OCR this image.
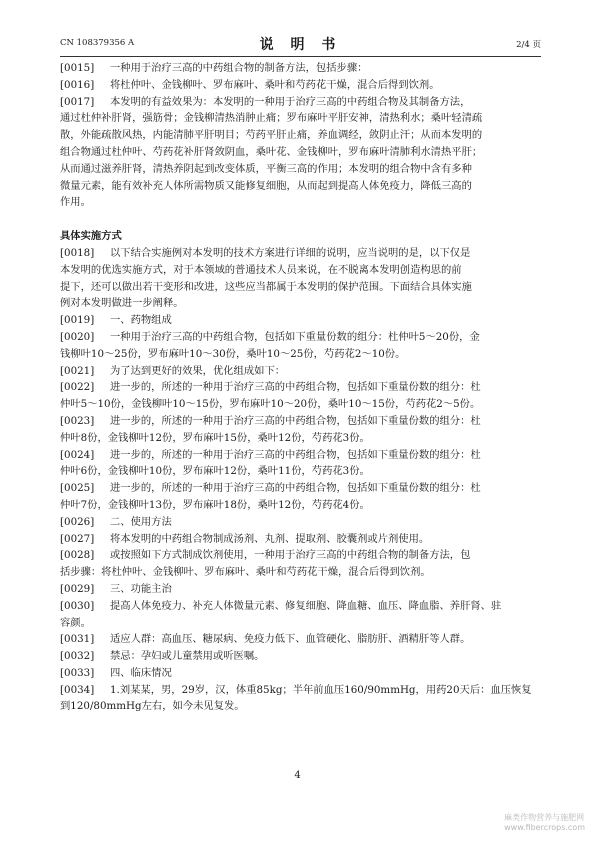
CN 108379356 A	说 明 书	2/4 页
[0015] 一种用于治疗三高的中药组合物的制备方法，包括步骤：
[0016] 将杜仲叶、金钱柳叶、罗布麻叶、桑叶和芍药花干燥，混合后得到饮剂。
[0017] 本发明的有益效果为：本发明的一种用于治疗三高的中药组合物及其制备方法，
通过杜仲补肝肾，强筋骨；金钱柳清热消肿止痛；罗布麻叶平肝安神，清热利水；桑叶轻清疏
散，外能疏散风热，内能清肺平肝明目；芍药平肝止痛，养血调经，敛阴止汗；从而本发明的
组合物通过杜仲叶、芍药花补肝肾敛阴血，桑叶花、金钱柳叶，罗布麻叶清肺利水清热平肝；
从而通过滋养肝肾，清热养阴起到改变体质，平衡三高的作用；本发明的组合物中含有多种
微量元素，能有效补充人体所需物质又能修复细胞，从而起到提高人体免疫力，降低三高的
作用。
具体实施方式
[0018] 以下结合实施例对本发明的技术方案进行详细的说明，应当说明的是，以下仅是
本发明的优选实施方式，对于本领域的普通技术人员来说，在不脱离本发明创造构思的前
提下，还可以做出若干变形和改进，这些应当都属于本发明的保护范围。下面结合具体实施
例对本发明做进一步阐释。
[0019] 一、药物组成
[0020] 一种用于治疗三高的中药组合物，包括如下重量份数的组分：杜仲叶5～20份，金
钱柳叶10～25份，罗布麻叶10～30份，桑叶10～25份，芍药花2～10份。
[0021] 为了达到更好的效果，优化组成如下：
[0022] 进一步的，所述的一种用于治疗三高的中药组合物，包括如下重量份数的组分：杜
仲叶5～10份，金钱柳叶10～15份，罗布麻叶10～20份，桑叶10～15份，芍药花2～5份。
[0023] 进一步的，所述的一种用于治疗三高的中药组合物，包括如下重量份数的组分：杜
仲叶8份，金钱柳叶12份，罗布麻叶15份，桑叶12份，芍药花3份。
[0024] 进一步的，所述的一种用于治疗三高的中药组合物，包括如下重量份数的组分：杜
仲叶6份，金钱柳叶10份，罗布麻叶12份，桑叶11份，芍药花3份。
[0025] 进一步的，所述的一种用于治疗三高的中药组合物，包括如下重量份数的组分：杜
仲叶7份，金钱柳叶13份，罗布麻叶18份，桑叶12份，芍药花4份。
[0026] 二、使用方法
[0027] 将本发明的中药组合物制成汤剂、丸剂、提取剂、胶囊剂或片剂使用。
[0028] 或按照如下方式制成饮剂使用，一种用于治疗三高的中药组合物的制备方法，包
括步骤：将杜仲叶、金钱柳叶、罗布麻叶、桑叶和芍药花干燥，混合后得到饮剂。
[0029] 三、功能主治
[0030] 提高人体免疫力、补充人体微量元素、修复细胞、降血糖、血压、降血脂、养肝肾、驻
容颜。
[0031] 适应人群：高血压、糖尿病、免疫力低下、血管硬化、脂肪肝、酒精肝等人群。
[0032] 禁忌：孕妇或儿童禁用或听医嘱。
[0033] 四、临床情况
[0034] 1.刘某某，男，29岁，汉，体重85kg；半年前血压160/90mmHg，用药20天后：血压恢复
到120/80mmHg左右，如今未见复发。
4
麻类作物营养与施肥网
www.fibercrops.com
